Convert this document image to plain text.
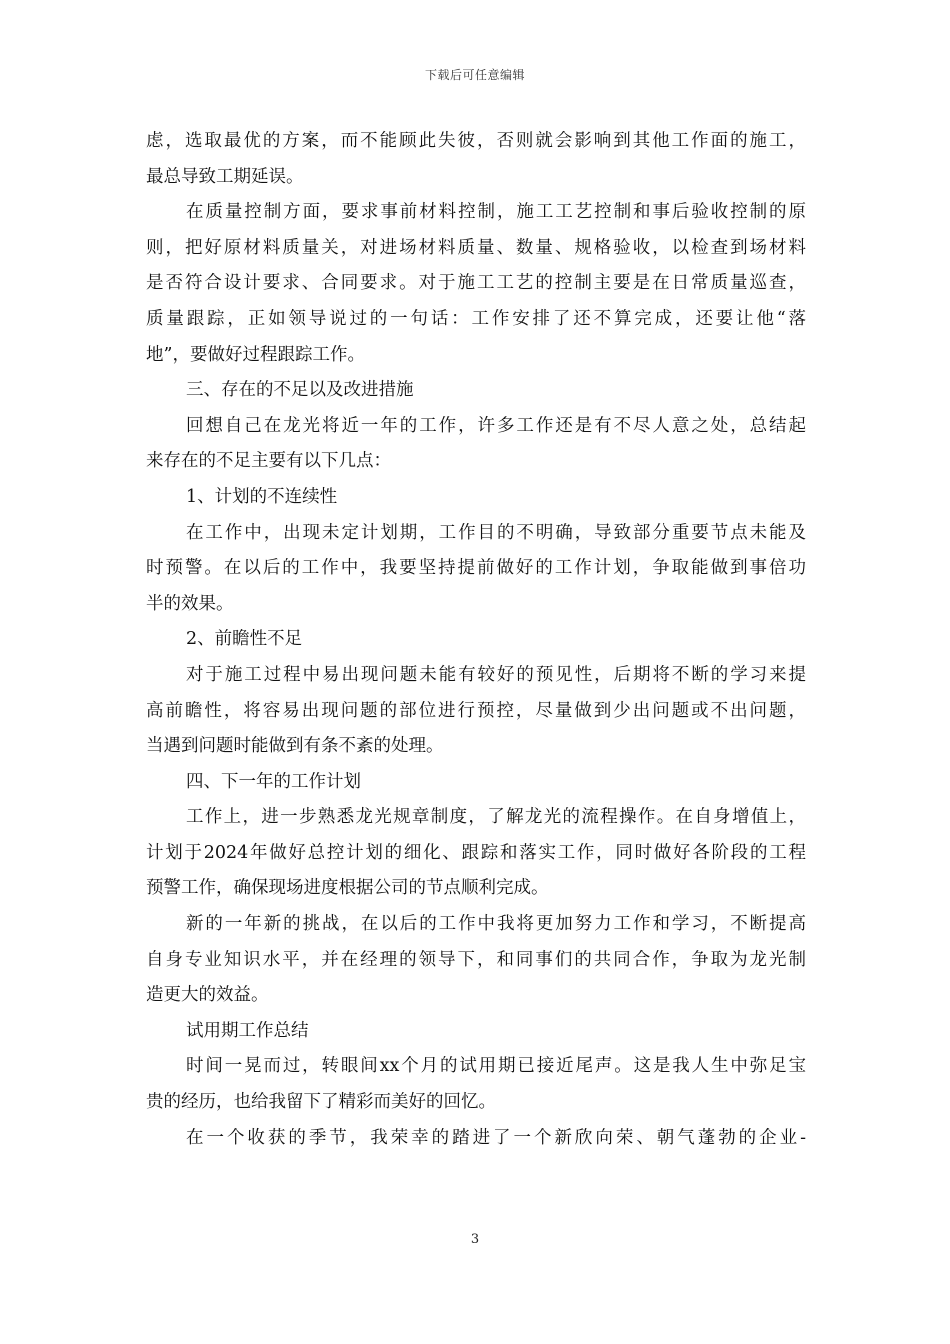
下载后可任意编辑
虑，选取最优的方案，而不能顾此失彼，否则就会影响到其他工作面的施工，
最总导致工期延误。
在质量控制方面，要求事前材料控制，施工工艺控制和事后验收控制的原
则，把好原材料质量关，对进场材料质量、数量、规格验收，以检查到场材料
是否符合设计要求、合同要求。对于施工工艺的控制主要是在日常质量巡查，
质量跟踪，正如领导说过的一句话：工作安排了还不算完成，还要让他“落
地”，要做好过程跟踪工作。
三、存在的不足以及改进措施
回想自己在龙光将近一年的工作，许多工作还是有不尽人意之处，总结起
来存在的不足主要有以下几点：
1、计划的不连续性
在工作中，出现未定计划期，工作目的不明确，导致部分重要节点未能及
时预警。在以后的工作中，我要坚持提前做好的工作计划，争取能做到事倍功
半的效果。
2、前瞻性不足
对于施工过程中易出现问题未能有较好的预见性，后期将不断的学习来提
高前瞻性，将容易出现问题的部位进行预控，尽量做到少出问题或不出问题，
当遇到问题时能做到有条不紊的处理。
四、下一年的工作计划
工作上，进一步熟悉龙光规章制度，了解龙光的流程操作。在自身增值上，
计划于2024年做好总控计划的细化、跟踪和落实工作，同时做好各阶段的工程
预警工作，确保现场进度根据公司的节点顺利完成。
新的一年新的挑战，在以后的工作中我将更加努力工作和学习，不断提高
自身专业知识水平，并在经理的领导下，和同事们的共同合作，争取为龙光制
造更大的效益。
试用期工作总结
时间一晃而过，转眼间xx个月的试用期已接近尾声。这是我人生中弥足宝
贵的经历，也给我留下了精彩而美好的回忆。
在一个收获的季节，我荣幸的踏进了一个新欣向荣、朝气蓬勃的企业-
3
